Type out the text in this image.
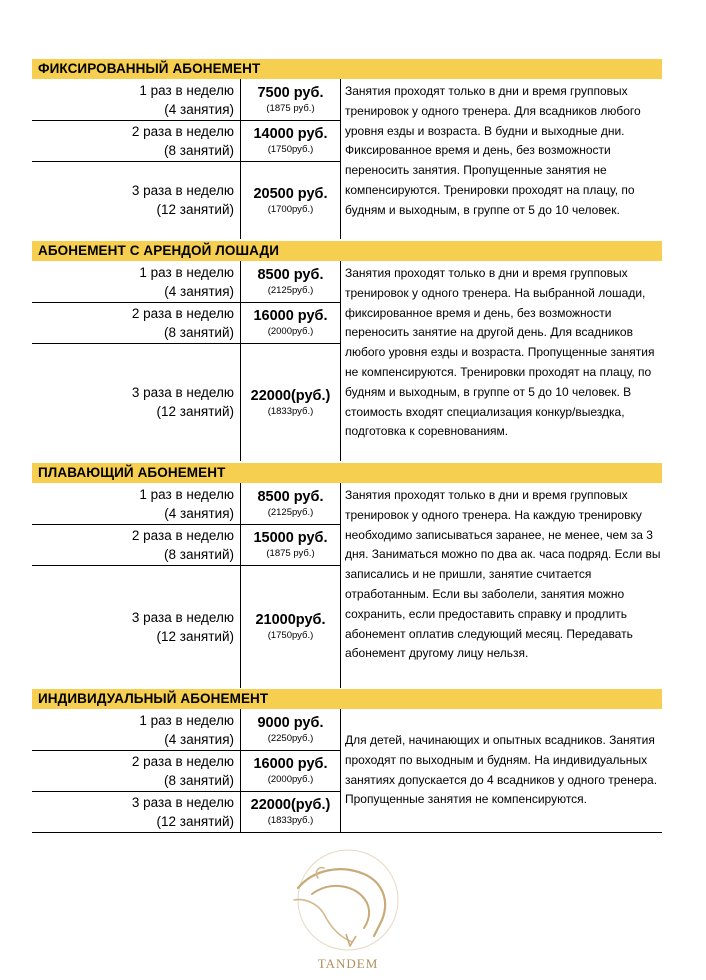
ФИКСИРОВАННЫЙ АБОНЕМЕНТ
1 раз в неделю
(4 занятия)
7500 руб.
(1875 руб.)
2 раза в неделю
(8 занятий)
14000 руб.
(1750руб.)
3 раза в неделю
(12 занятий)
20500 руб.
(1700руб.)
Занятия проходят только в дни и время групповых тренировок у одного тренера. Для всадников любого уровня езды и возраста. В будни и выходные дни. Фиксированное время и день, без возможности переносить занятия. Пропущенные занятия не компенсируются. Тренировки проходят на плацу, по будням и выходным, в группе от 5 до 10 человек.
АБОНЕМЕНТ С АРЕНДОЙ ЛОШАДИ
1 раз в неделю
(4 занятия)
8500 руб.
(2125руб.)
2 раза в неделю
(8 занятий)
16000 руб.
(2000руб.)
3 раза в неделю
(12 занятий)
22000(руб.)
(1833руб.)
Занятия проходят только в дни и время групповых тренировок у одного тренера. На выбранной лошади, фиксированное время и день, без возможности переносить занятие на другой день. Для всадников любого уровня езды и возраста. Пропущенные занятия не компенсируются. Тренировки проходят на плацу, по будням и выходным, в группе от 5 до 10 человек. В стоимость входят специализация конкур/выездка, подготовка к соревнованиям.
ПЛАВАЮЩИЙ АБОНЕМЕНТ
1 раз в неделю
(4 занятия)
8500 руб.
(2125руб.)
2 раза в неделю
(8 занятий)
15000 руб.
(1875 руб.)
3 раза в неделю
(12 занятий)
21000руб.
(1750руб.)
Занятия проходят только в дни и время групповых тренировок у одного тренера. На каждую тренировку необходимо записываться заранее, не менее, чем за 3 дня. Заниматься можно по два ак. часа подряд. Если вы записались и не пришли, занятие считается отработанным. Если вы заболели, занятия можно сохранить, если предоставить справку и продлить абонемент оплатив следующий месяц. Передавать абонемент другому лицу нельзя.
ИНДИВИДУАЛЬНЫЙ АБОНЕМЕНТ
1 раз в неделю
(4 занятия)
9000 руб.
(2250руб.)
2 раза в неделю
(8 занятий)
16000 руб.
(2000руб.)
3 раза в неделю
(12 занятий)
22000(руб.)
(1833руб.)
Для детей, начинающих и опытных всадников. Занятия проходят по выходным и будням. На индивидуальных занятиях допускается до 4 всадников у одного тренера. Пропущенные занятия не компенсируются.
TANDEM
